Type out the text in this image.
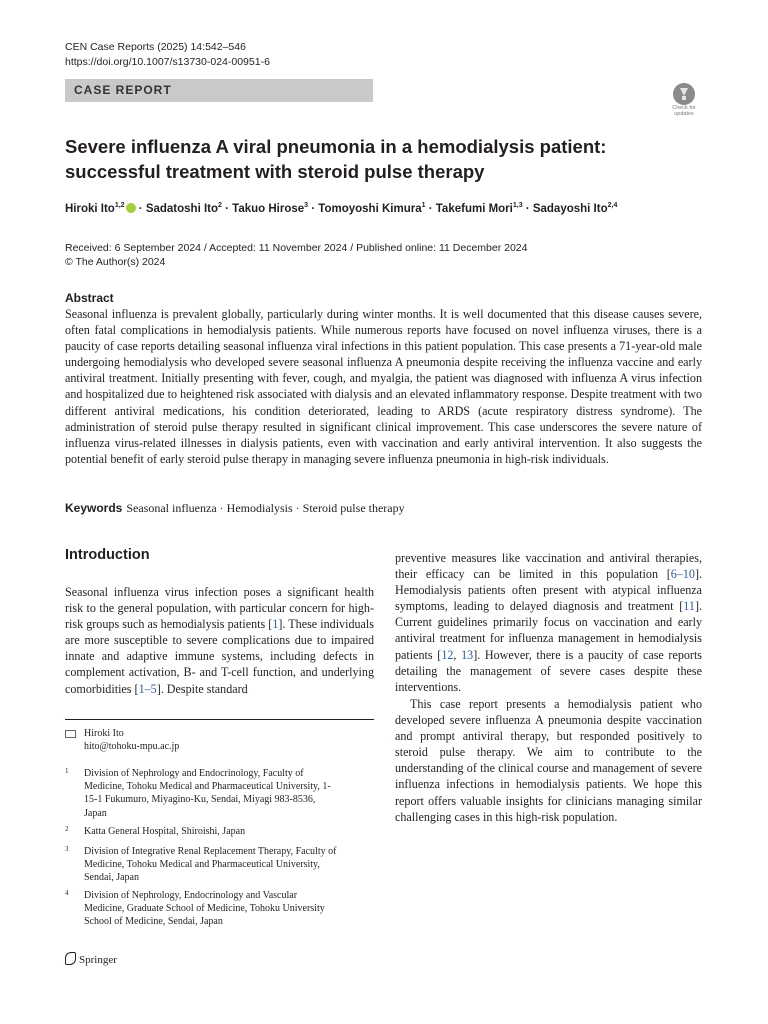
CEN Case Reports (2025) 14:542–546
https://doi.org/10.1007/s13730-024-00951-6
CASE REPORT
Check for updates
Severe influenza A viral pneumonia in a hemodialysis patient:
successful treatment with steroid pulse therapy
Hiroki Ito$^{1,2}$ · Sadatoshi Ito$^2$ · Takuo Hirose$^3$ · Tomoyoshi Kimura$^1$ · Takefumi Mori$^{1,3}$ · Sadayoshi Ito$^{2,4}$
Received: 6 September 2024 / Accepted: 11 November 2024 / Published online: 11 December 2024
© The Author(s) 2024
Abstract
Seasonal influenza is prevalent globally, particularly during winter months. It is well documented that this disease causes severe, often fatal complications in hemodialysis patients. While numerous reports have focused on novel influenza viruses, there is a paucity of case reports detailing seasonal influenza viral infections in this patient population. This case presents a 71-year-old male undergoing hemodialysis who developed severe seasonal influenza A pneumonia despite receiving the influenza vaccine and early antiviral treatment. Initially presenting with fever, cough, and myalgia, the patient was diagnosed with influenza A virus infection and hospitalized due to heightened risk associated with dialysis and an elevated inflammatory response. Despite treatment with two different antiviral medications, his condition deteriorated, leading to ARDS (acute respiratory distress syndrome). The administration of steroid pulse therapy resulted in significant clinical improvement. This case underscores the severe nature of influenza virus-related illnesses in dialysis patients, even with vaccination and early antiviral intervention. It also suggests the potential benefit of early steroid pulse therapy in managing severe influenza pneumonia in high-risk individuals.
Keywords Seasonal influenza · Hemodialysis · Steroid pulse therapy
Introduction
Seasonal influenza virus infection poses a significant health risk to the general population, with particular concern for high-risk groups such as hemodialysis patients [1]. These individuals are more susceptible to severe complications due to impaired innate and adaptive immune systems, including defects in complement activation, B- and T-cell function, and underlying comorbidities [1–5]. Despite standard
preventive measures like vaccination and antiviral therapies, their efficacy can be limited in this population [6–10]. Hemodialysis patients often present with atypical influenza symptoms, leading to delayed diagnosis and treatment [11]. Current guidelines primarily focus on vaccination and early antiviral treatment for influenza management in hemodialysis patients [12, 13]. However, there is a paucity of case reports detailing the management of severe cases despite these interventions.
This case report presents a hemodialysis patient who developed severe influenza A pneumonia despite vaccination and prompt antiviral therapy, but responded positively to steroid pulse therapy. We aim to contribute to the understanding of the clinical course and management of severe influenza infections in hemodialysis patients. We hope this report offers valuable insights for clinicians managing similar challenging cases in this high-risk population.
Hiroki Ito
hito@tohoku-mpu.ac.jp
1 Division of Nephrology and Endocrinology, Faculty of Medicine, Tohoku Medical and Pharmaceutical University, 1-15-1 Fukumuro, Miyagino-Ku, Sendai, Miyagi 983-8536, Japan
2 Katta General Hospital, Shiroishi, Japan
3 Division of Integrative Renal Replacement Therapy, Faculty of Medicine, Tohoku Medical and Pharmaceutical University, Sendai, Japan
4 Division of Nephrology, Endocrinology and Vascular Medicine, Graduate School of Medicine, Tohoku University School of Medicine, Sendai, Japan
Springer
